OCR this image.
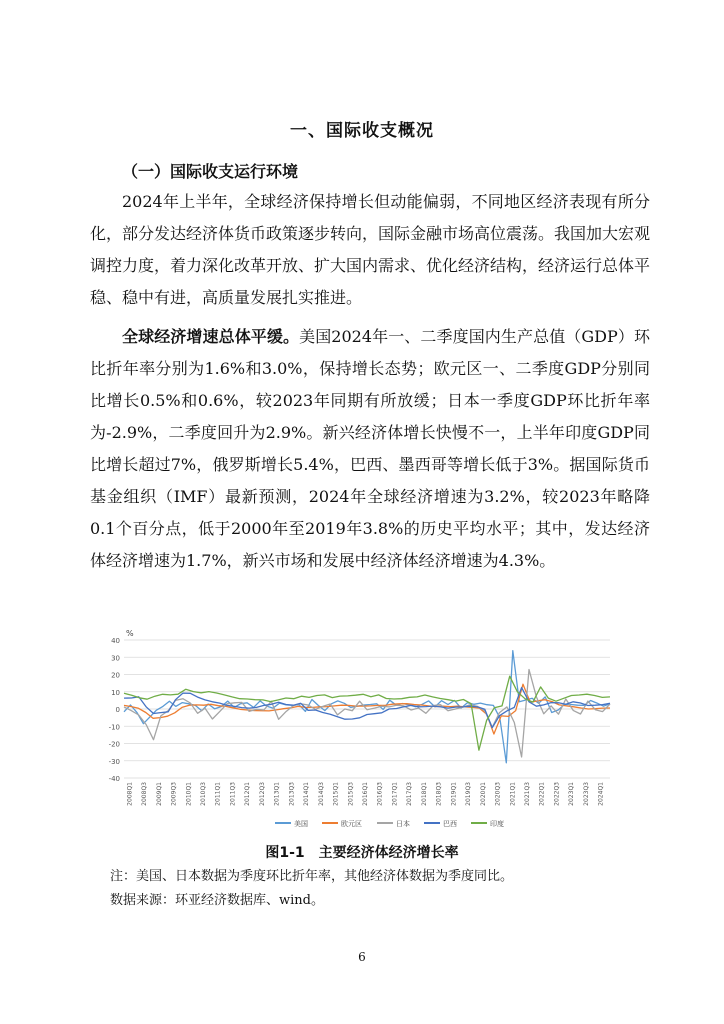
一、国际收支概况
（一）国际收支运行环境

2024年上半年，全球经济保持增长但动能偏弱，不同地区经济表现有所分化，部分发达经济体货币政策逐步转向，国际金融市场高位震荡。我国加大宏观调控力度，着力深化改革开放、扩大国内需求、优化经济结构，经济运行总体平稳、稳中有进，高质量发展扎实推进。

全球经济增速总体平缓。美国2024年一、二季度国内生产总值（GDP）环比折年率分别为1.6%和3.0%，保持增长态势；欧元区一、二季度GDP分别同比增长0.5%和0.6%，较2023年同期有所放缓；日本一季度GDP环比折年率为-2.9%，二季度回升为2.9%。新兴经济体增长快慢不一，上半年印度GDP同比增长超过7%，俄罗斯增长5.4%，巴西、墨西哥等增长低于3%。据国际货币基金组织（IMF）最新预测，2024年全球经济增速为3.2%，较2023年略降0.1个百分点，低于2000年至2019年3.8%的历史平均水平；其中，发达经济体经济增速为1.7%，新兴市场和发展中经济体经济增速为4.3%。

%
40
30
20
10
0
-10
-20
-30
-40
2008Q1 2008Q3 2009Q1 2009Q3 2010Q1 2010Q3 2011Q1 2011Q3 2012Q1 2012Q3 2013Q1 2013Q3 2014Q1 2014Q3 2015Q1 2015Q3 2016Q1 2016Q3 2017Q1 2017Q3 2018Q1 2018Q3 2019Q1 2019Q3 2020Q1 2020Q3 2021Q1 2021Q3 2022Q1 2022Q3 2023Q1 2023Q3 2024Q1
美国	欧元区	日本	巴西	印度
图1-1　主要经济体经济增长率

注：美国、日本数据为季度环比折年率，其他经济体数据为季度同比。

数据来源：环亚经济数据库、wind。

6
